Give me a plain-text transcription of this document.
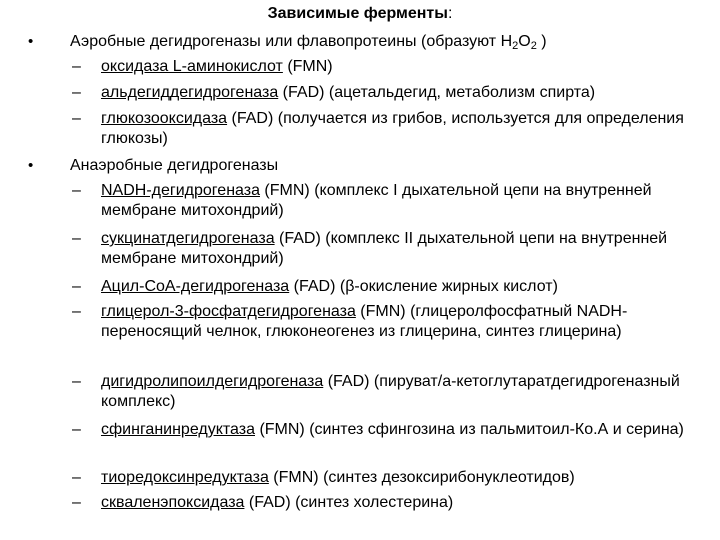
Зависимые ферменты:
•	Аэробные дегидрогеназы или флавопротеины (образуют $H_2O_2$ )
– оксидаза L-аминокислот (FMN)
– альдегиддегидрогеназа (FAD) (ацетальдегид, метаболизм спирта)
– глюкозооксидаза (FAD) (получается из грибов, используется для определения глюкозы)
•	Анаэробные дегидрогеназы
– NADH-дегидрогеназа (FMN) (комплекс I дыхательной цепи на внутренней мембране митохондрий)
– сукцинатдегидрогеназа (FAD) (комплекс II дыхательной цепи на внутренней мембране митохондрий)
– Ацил-СоА-дегидрогеназа (FAD) (β-окисление жирных кислот)
– глицерол-3-фосфатдегидрогеназа (FMN) (глицеролфосфатный NADH-переносящий челнок, глюконеогенез из глицерина, синтез глицерина)
– дигидролипоилдегидрогеназа (FAD) (пируват/a-кетоглутаратдегидрогеназный комплекс)
– сфинганинредуктаза (FMN) (синтез сфингозина из пальмитоил-Ко.А и серина)
– тиоредоксинредуктаза (FMN) (синтез дезоксирибонуклеотидов)
– скваленэпоксидаза (FAD) (синтез холестерина)
